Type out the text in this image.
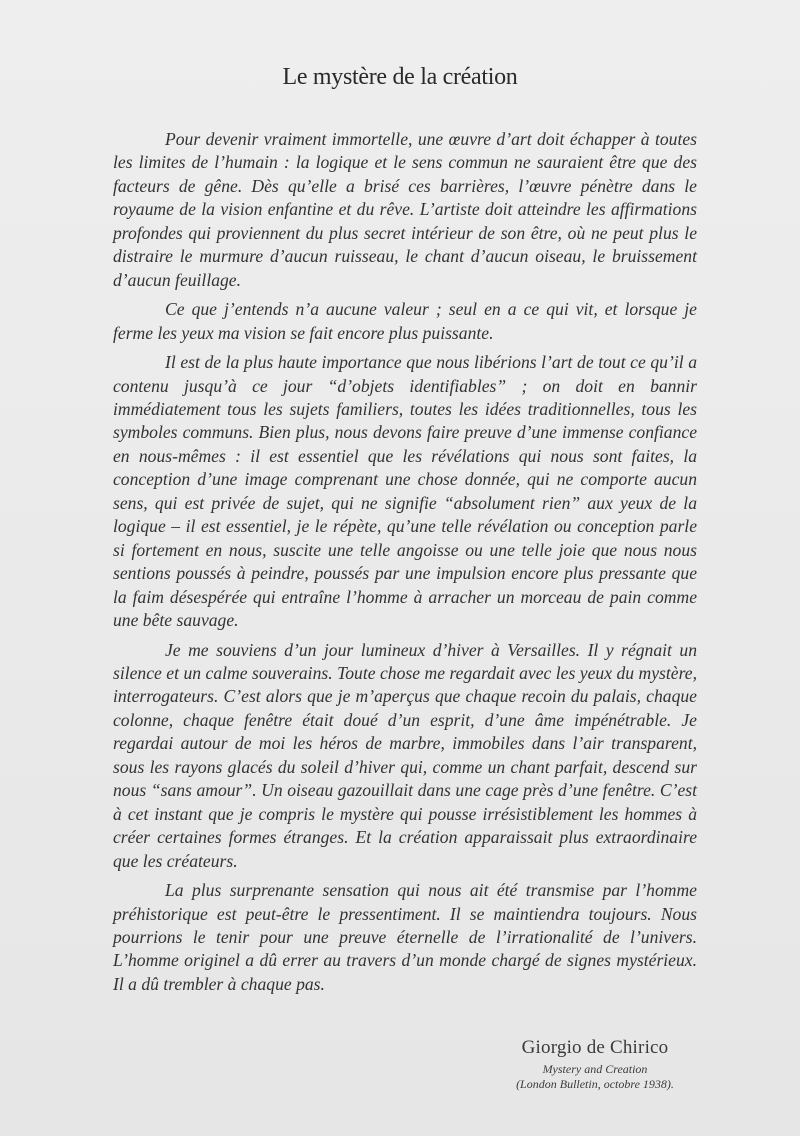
Le mystère de la création

Pour devenir vraiment immortelle, une œuvre d’art doit échapper à toutes les limites de l’humain : la logique et le sens commun ne sauraient être que des facteurs de gêne. Dès qu’elle a brisé ces barrières, l’œuvre pénètre dans le royaume de la vision enfantine et du rêve. L’artiste doit atteindre les affirmations profondes qui proviennent du plus secret intérieur de son être, où ne peut plus le distraire le murmure d’aucun ruisseau, le chant d’aucun oiseau, le bruissement d’aucun feuillage.

Ce que j’entends n’a aucune valeur ; seul en a ce qui vit, et lorsque je ferme les yeux ma vision se fait encore plus puissante.

Il est de la plus haute importance que nous libérions l’art de tout ce qu’il a contenu jusqu’à ce jour “d’objets identifiables” ; on doit en bannir immédiatement tous les sujets familiers, toutes les idées traditionnelles, tous les symboles communs. Bien plus, nous devons faire preuve d’une immense confiance en nous-mêmes : il est essentiel que les révélations qui nous sont faites, la conception d’une image comprenant une chose donnée, qui ne comporte aucun sens, qui est privée de sujet, qui ne signifie “absolument rien” aux yeux de la logique – il est essentiel, je le répète, qu’une telle révélation ou conception parle si fortement en nous, suscite une telle angoisse ou une telle joie que nous nous sentions poussés à peindre, poussés par une impulsion encore plus pressante que la faim désespérée qui entraîne l’homme à arracher un morceau de pain comme une bête sauvage.

Je me souviens d’un jour lumineux d’hiver à Versailles. Il y régnait un silence et un calme souverains. Toute chose me regardait avec les yeux du mystère, interrogateurs. C’est alors que je m’aperçus que chaque recoin du palais, chaque colonne, chaque fenêtre était doué d’un esprit, d’une âme impénétrable. Je regardai autour de moi les héros de marbre, immobiles dans l’air transparent, sous les rayons glacés du soleil d’hiver qui, comme un chant parfait, descend sur nous “sans amour”. Un oiseau gazouillait dans une cage près d’une fenêtre. C’est à cet instant que je compris le mystère qui pousse irrésistiblement les hommes à créer certaines formes étranges. Et la création apparaissait plus extraordinaire que les créateurs.

La plus surprenante sensation qui nous ait été transmise par l’homme préhistorique est peut-être le pressentiment. Il se maintiendra toujours. Nous pourrions le tenir pour une preuve éternelle de l’irrationalité de l’univers. L’homme originel a dû errer au travers d’un monde chargé de signes mystérieux. Il a dû trembler à chaque pas.

Giorgio de Chirico
Mystery and Creation
(London Bulletin, octobre 1938).
